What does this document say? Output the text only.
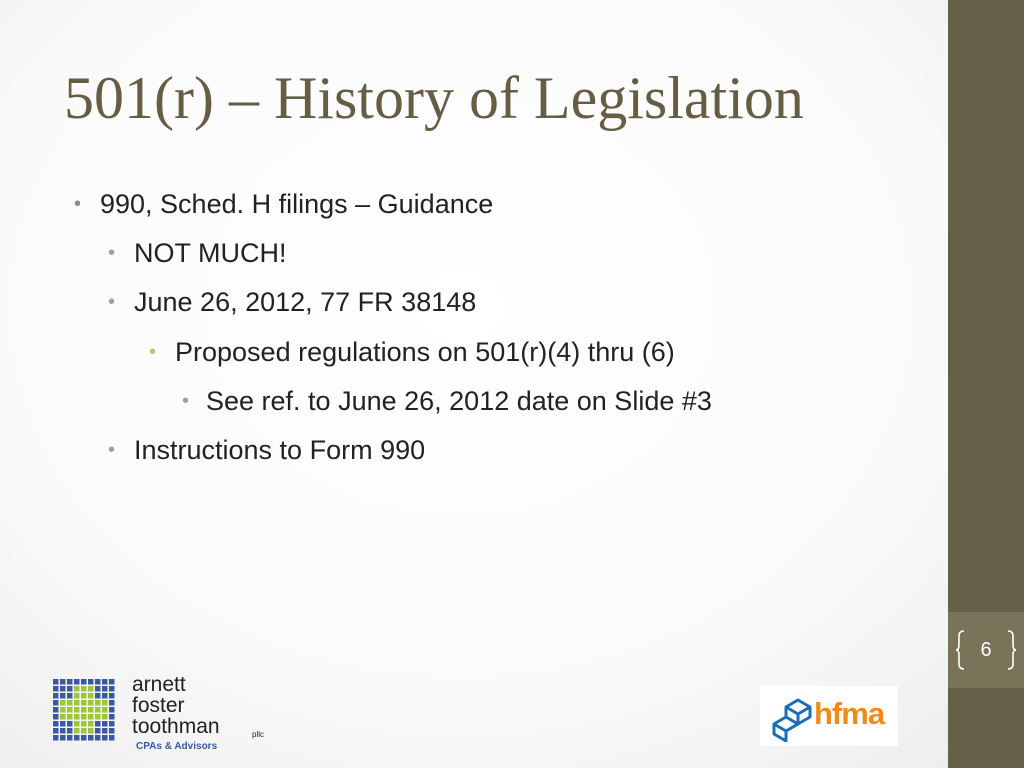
501(r) – History of Legislation
• 990, Sched. H filings – Guidance
• NOT MUCH!
• June 26, 2012, 77 FR 38148
• Proposed regulations on 501(r)(4) thru (6)
• See ref. to June 26, 2012 date on Slide #3
• Instructions to Form 990
6
arnett
foster
toothman	pllc
CPAs & Advisors
hfma
